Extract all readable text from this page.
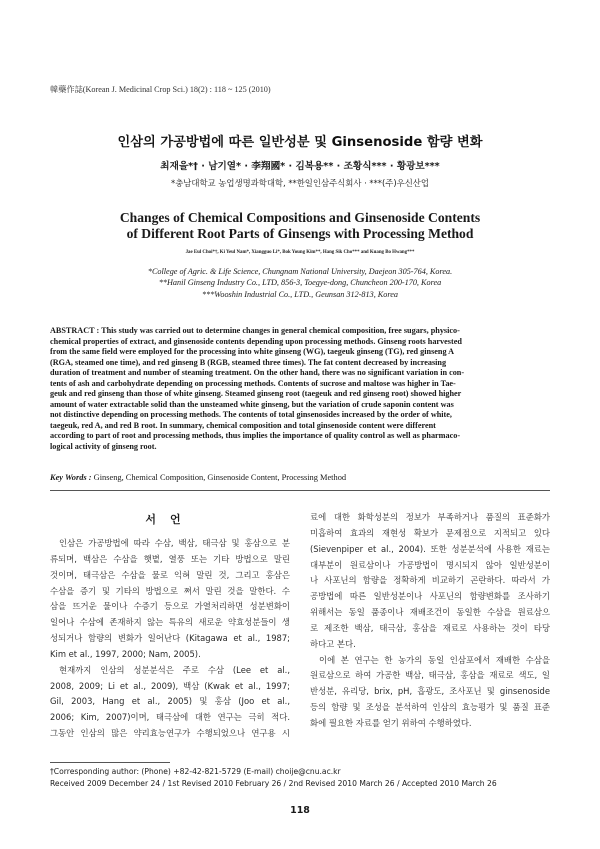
韓藥作誌(Korean J. Medicinal Crop Sci.) 18(2) : 118 ~ 125 (2010)
인삼의 가공방법에 따른 일반성분 및 Ginsenoside 함량 변화
최재을*† · 남기열* · 李翔國* · 김복용** · 조황식*** · 황광보***
*충남대학교 농업생명과학대학, **한일인삼주식회사 · ***(주)우신산업
Changes of Chemical Compositions and Ginsenoside Contents
of Different Root Parts of Ginsengs with Processing Method
Jae Eul Choi*†, Ki Yeul Nam*, Xiangguo Li*, Bok Young Kim**, Hang Sik Cho*** and Kuang Bo Hwang***
*College of Agric. & Life Science, Chungnam National University, Daejeon 305-764, Korea.
**Hanil Ginseng Industry Co., LTD, 856-3, Toegye-dong, Chuncheon 200-170, Korea
***Wooshin Industrial Co., LTD., Geunsan 312-813, Korea
ABSTRACT : This study was carried out to determine changes in general chemical composition, free sugars, physico-
chemical properties of extract, and ginsenoside contents depending upon processing methods. Ginseng roots harvested
from the same field were employed for the processing into white ginseng (WG), taegeuk ginseng (TG), red ginseng A
(RGA, steamed one time), and red ginseng B (RGB, steamed three times). The fat content decreased by increasing
duration of treatment and number of steaming treatment. On the other hand, there was no significant variation in con-
tents of ash and carbohydrate depending on processing methods. Contents of sucrose and maltose was higher in Tae-
geuk and red ginseng than those of white ginseng. Steamed ginseng root (taegeuk and red ginseng root) showed higher
amount of water extractable solid than the unsteamed white ginseng, but the variation of crude saponin content was
not distinctive depending on processing methods. The contents of total ginsenosides increased by the order of white,
taegeuk, red A, and red B root. In summary, chemical composition and total ginsenoside content were different
according to part of root and processing methods, thus implies the importance of quality control as well as pharmaco-
logical activity of ginseng root.
Key Words : Ginseng, Chemical Composition, Ginsenoside Content, Processing Method
서언
인삼은 가공방법에 따라 수삼, 백삼, 태극삼 및 홍삼으로 분
류되며, 백삼은 수삼을 햇볕, 열풍 또는 기타 방법으로 말린
것이며, 태극삼은 수삼을 물로 익혀 말린 것, 그리고 홍삼은
수삼을 증기 및 기타의 방법으로 쪄서 말린 것을 말한다. 수
삼을 뜨거운 물이나 수증기 등으로 가열처리하면 성분변화이
일어나 수삼에 존재하지 않는 특유의 새로운 약효성분들이 생
성되거나 함량의 변화가 일어난다 (Kitagawa et al., 1987;
Kim et al., 1997, 2000; Nam, 2005).
현재까지 인삼의 성분분석은 주로 수삼 (Lee et al.,
2008, 2009; Li et al., 2009), 백삼 (Kwak et al., 1997;
Gil, 2003, Hang et al., 2005) 및 홍삼 (Joo et al.,
2006; Kim, 2007)이며, 태극삼에 대한 연구는 극히 적다.
그동안 인삼의 많은 약리효능연구가 수행되었으나 연구용 시
료에 대한 화학성분의 정보가 부족하거나 품질의 표준화가
미흡하여 효과의 재현성 확보가 문제점으로 지적되고 있다
(Sievenpiper et al., 2004). 또한 성분분석에 사용한 재료는
대부분이 원료삼이나 가공방법이 명시되지 않아 일반성분이
나 사포닌의 함량을 정확하게 비교하기 곤란하다. 따라서 가
공방법에 따른 일반성분이나 사포닌의 함량변화를 조사하기
위해서는 동일 품종이나 재배조건이 동일한 수삼을 원료삼으
로 제조한 백삼, 태극삼, 홍삼을 재료로 사용하는 것이 타당
하다고 본다.
이에 본 연구는 한 농가의 동일 인삼포에서 재배한 수삼을
원료삼으로 하여 가공한 백삼, 태극삼, 홍삼을 재료로 색도, 일
반성분, 유리당, brix, pH, 흡광도, 조사포닌 및 ginsenoside
등의 함량 및 조성을 분석하여 인삼의 효능평가 및 품질 표준
화에 필요한 자료를 얻기 위하여 수행하였다.
†Corresponding author: (Phone) +82-42-821-5729 (E-mail) choije@cnu.ac.kr
Received 2009 December 24 / 1st Revised 2010 February 26 / 2nd Revised 2010 March 26 / Accepted 2010 March 26
118
